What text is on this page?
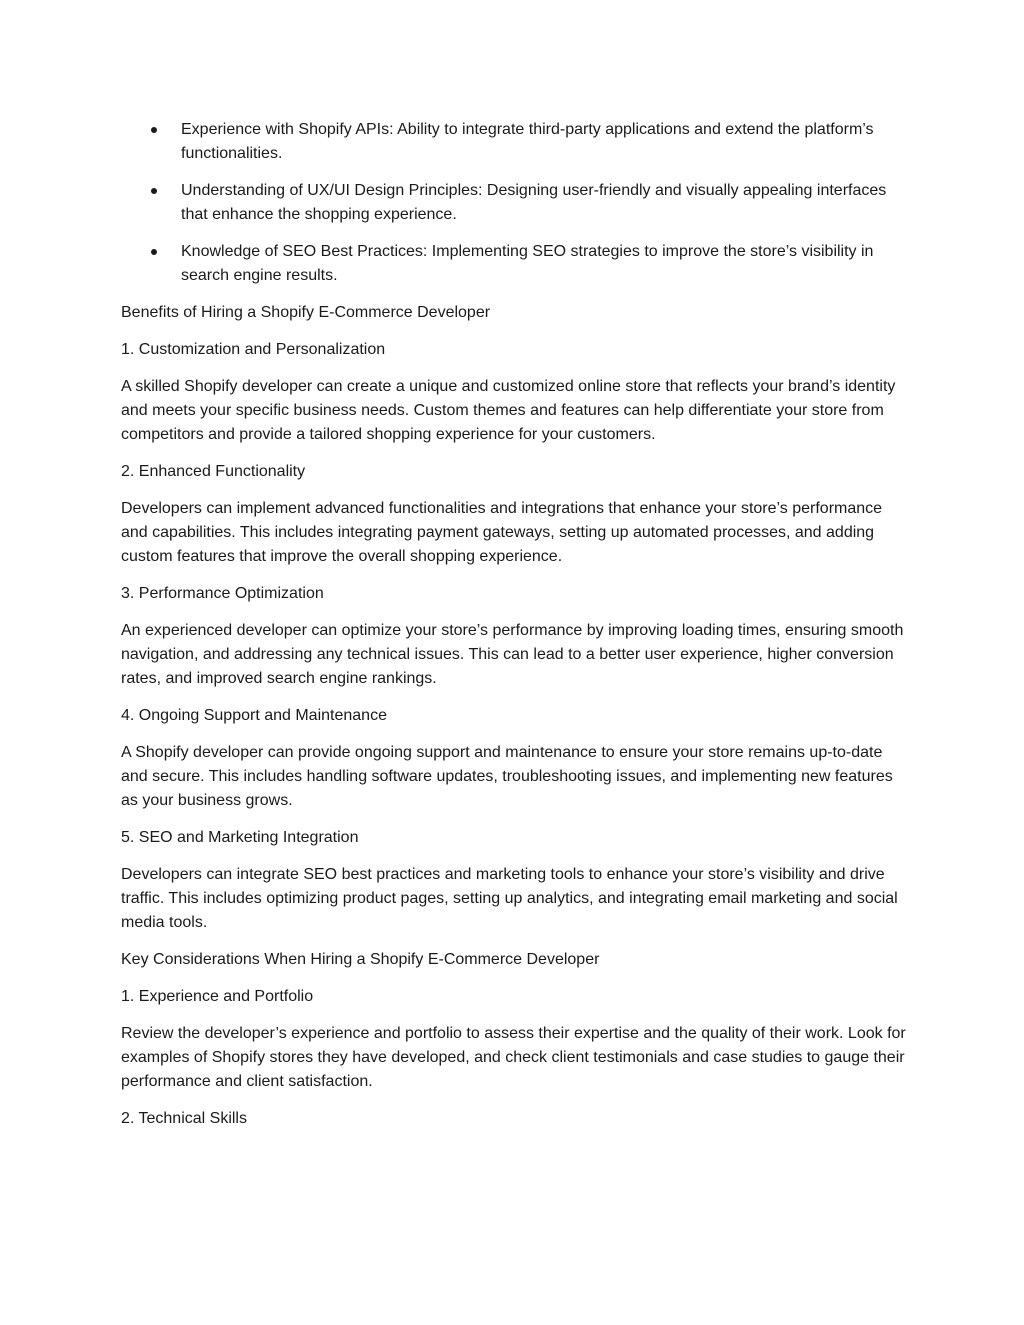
Experience with Shopify APIs: Ability to integrate third-party applications and extend the platform’s functionalities.
Understanding of UX/UI Design Principles: Designing user-friendly and visually appealing interfaces that enhance the shopping experience.
Knowledge of SEO Best Practices: Implementing SEO strategies to improve the store’s visibility in search engine results.

Benefits of Hiring a Shopify E-Commerce Developer

1. Customization and Personalization

A skilled Shopify developer can create a unique and customized online store that reflects your brand’s identity and meets your specific business needs. Custom themes and features can help differentiate your store from competitors and provide a tailored shopping experience for your customers.

2. Enhanced Functionality

Developers can implement advanced functionalities and integrations that enhance your store’s performance and capabilities. This includes integrating payment gateways, setting up automated processes, and adding custom features that improve the overall shopping experience.

3. Performance Optimization

An experienced developer can optimize your store’s performance by improving loading times, ensuring smooth navigation, and addressing any technical issues. This can lead to a better user experience, higher conversion rates, and improved search engine rankings.

4. Ongoing Support and Maintenance

A Shopify developer can provide ongoing support and maintenance to ensure your store remains up-to-date and secure. This includes handling software updates, troubleshooting issues, and implementing new features as your business grows.

5. SEO and Marketing Integration

Developers can integrate SEO best practices and marketing tools to enhance your store’s visibility and drive traffic. This includes optimizing product pages, setting up analytics, and integrating email marketing and social media tools.

Key Considerations When Hiring a Shopify E-Commerce Developer

1. Experience and Portfolio

Review the developer’s experience and portfolio to assess their expertise and the quality of their work. Look for examples of Shopify stores they have developed, and check client testimonials and case studies to gauge their performance and client satisfaction.

2. Technical Skills
